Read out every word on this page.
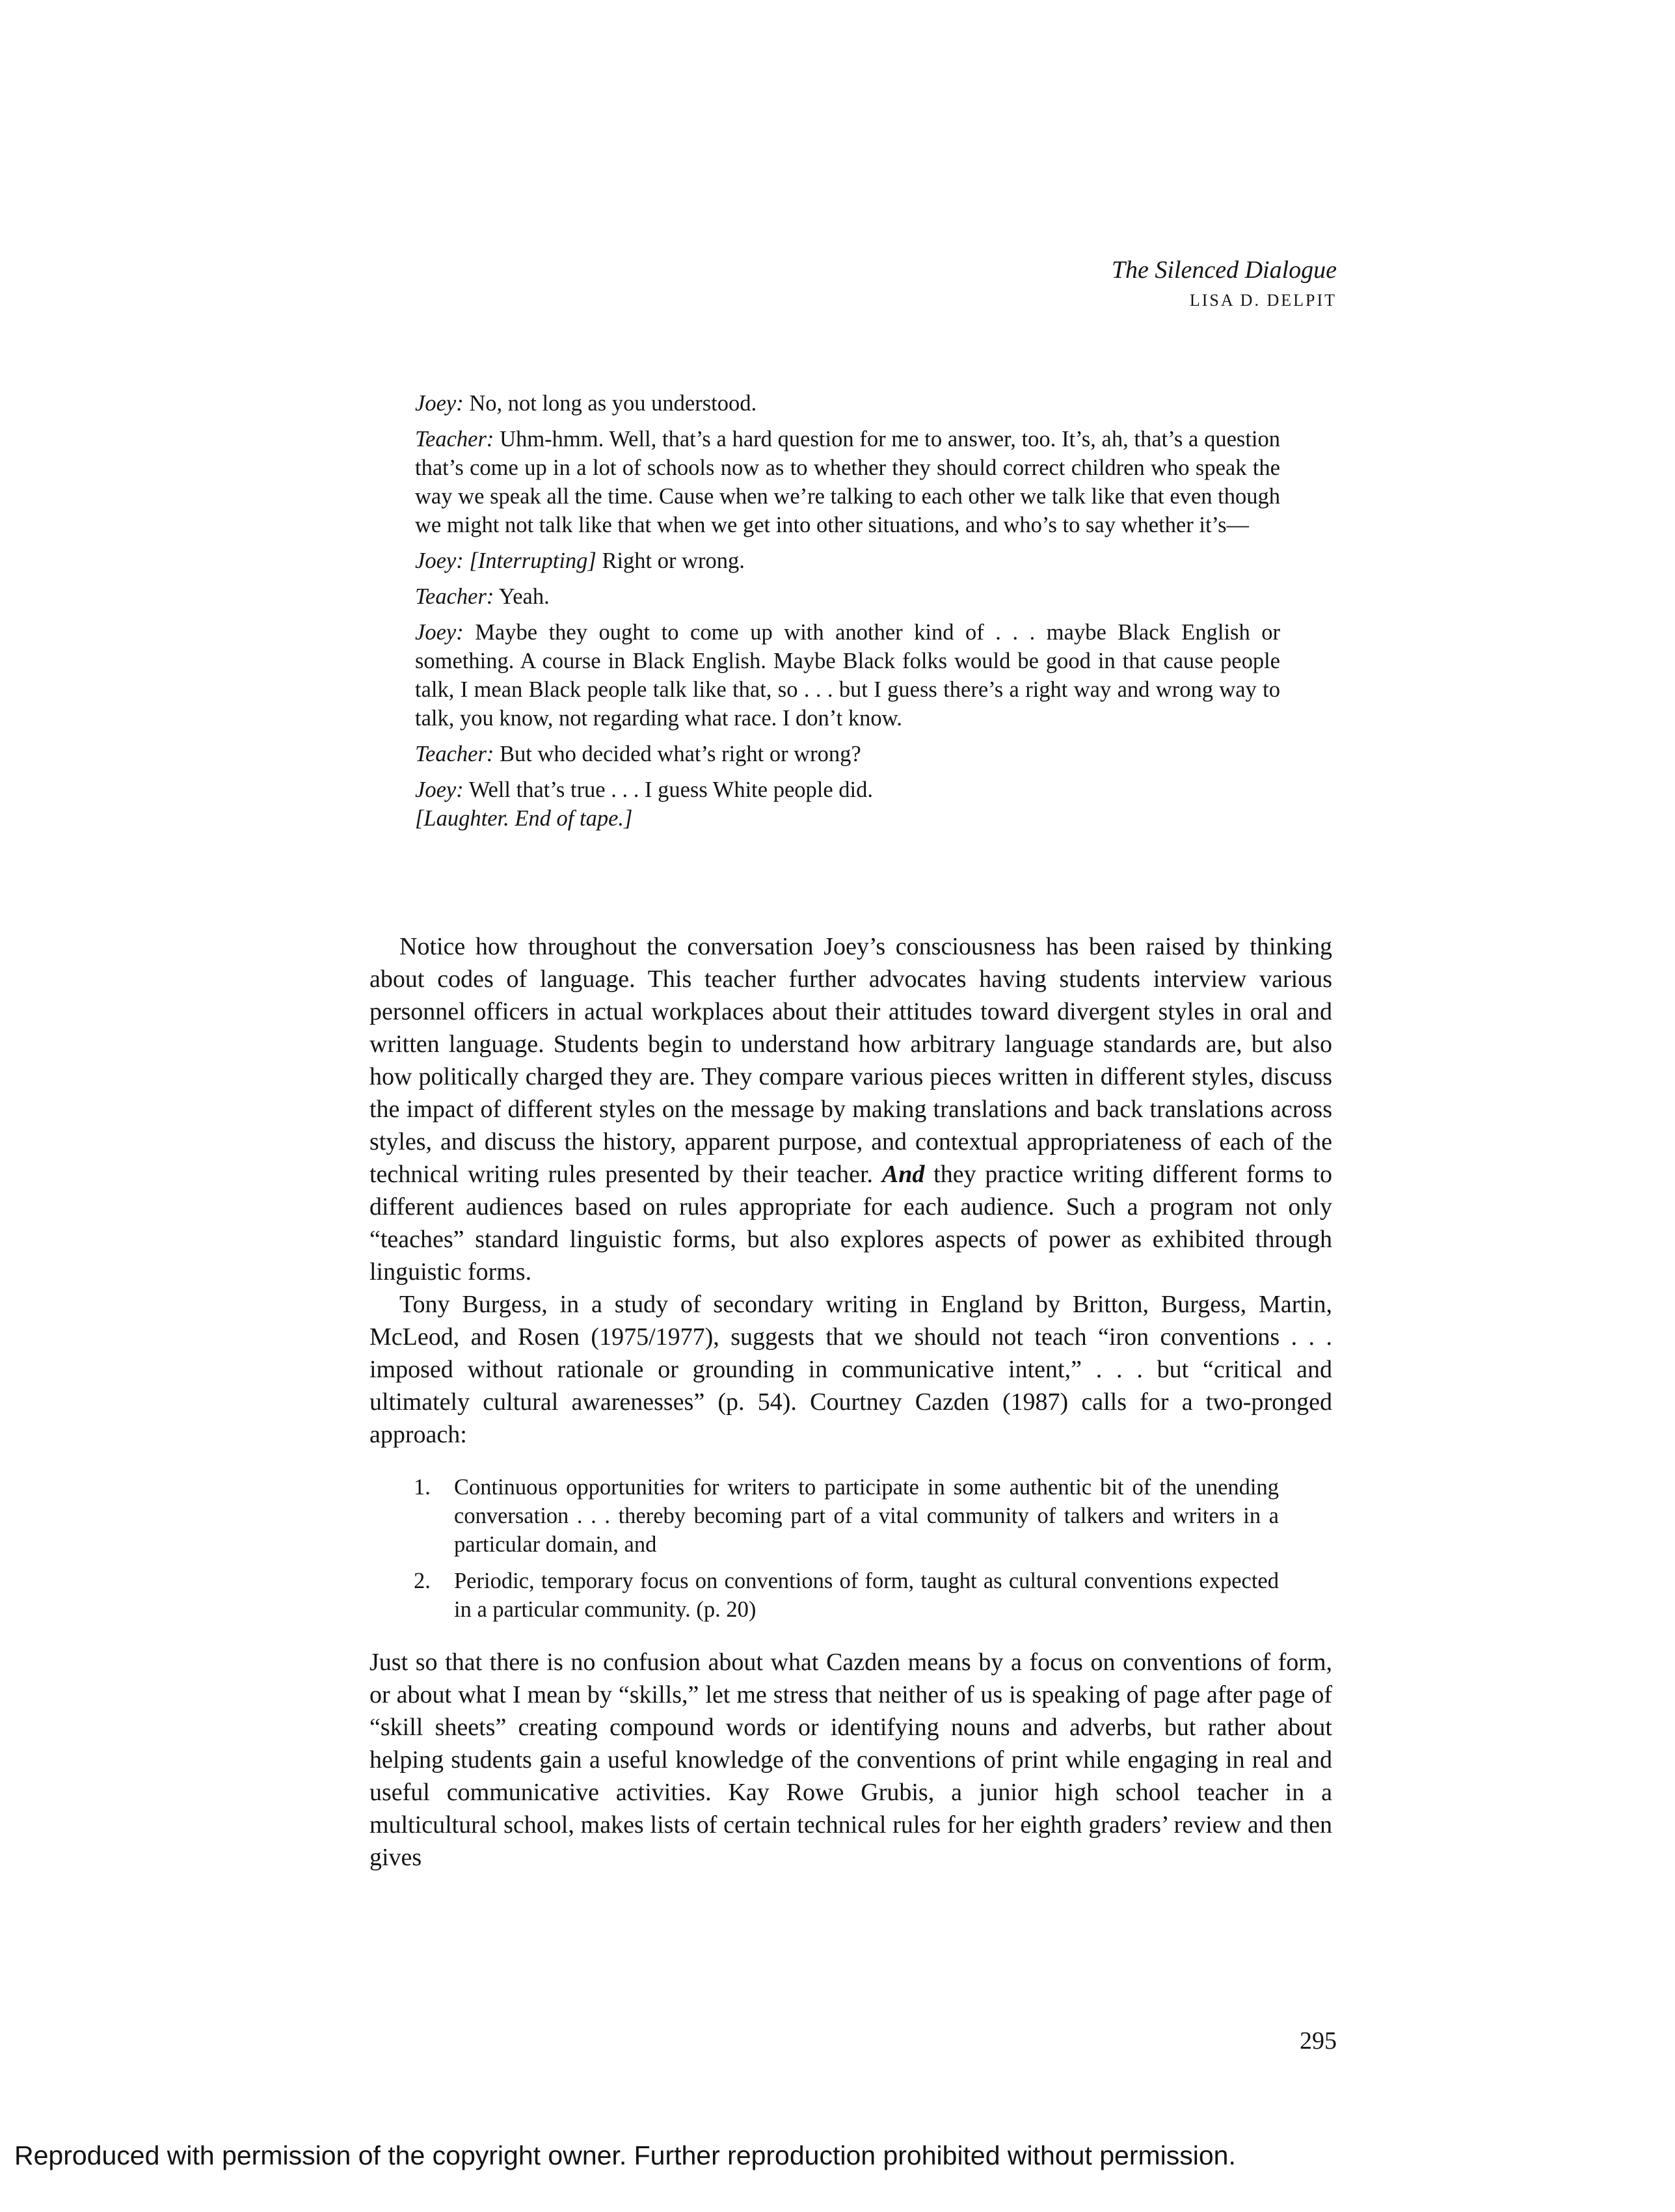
The Silenced Dialogue
LISA D. DELPIT
Joey: No, not long as you understood.
Teacher: Uhm-hmm. Well, that’s a hard question for me to answer, too. It’s, ah, that’s a question that’s come up in a lot of schools now as to whether they should correct children who speak the way we speak all the time. Cause when we’re talking to each other we talk like that even though we might not talk like that when we get into other situations, and who’s to say whether it’s—
Joey: [Interrupting] Right or wrong.
Teacher: Yeah.
Joey: Maybe they ought to come up with another kind of . . . maybe Black English or something. A course in Black English. Maybe Black folks would be good in that cause people talk, I mean Black people talk like that, so . . . but I guess there’s a right way and wrong way to talk, you know, not regarding what race. I don’t know.
Teacher: But who decided what’s right or wrong?
Joey: Well that’s true . . . I guess White people did.
[Laughter. End of tape.]

Notice how throughout the conversation Joey’s consciousness has been raised by thinking about codes of language. This teacher further advocates having students interview various personnel officers in actual workplaces about their attitudes toward divergent styles in oral and written language. Students begin to understand how arbitrary language standards are, but also how politically charged they are. They compare various pieces written in different styles, discuss the impact of different styles on the message by making translations and back translations across styles, and discuss the history, apparent purpose, and contextual appropriateness of each of the technical writing rules presented by their teacher. And they practice writing different forms to different audiences based on rules appropriate for each audience. Such a program not only “teaches” standard linguistic forms, but also explores aspects of power as exhibited through linguistic forms.

Tony Burgess, in a study of secondary writing in England by Britton, Burgess, Martin, McLeod, and Rosen (1975/1977), suggests that we should not teach “iron conventions . . . imposed without rationale or grounding in communicative intent,” . . . but “critical and ultimately cultural awarenesses” (p. 54). Courtney Cazden (1987) calls for a two-pronged approach:

1.	Continuous opportunities for writers to participate in some authentic bit of the unending conversation . . . thereby becoming part of a vital community of talkers and writers in a particular domain, and
2.	Periodic, temporary focus on conventions of form, taught as cultural conventions expected in a particular community. (p. 20)

Just so that there is no confusion about what Cazden means by a focus on conventions of form, or about what I mean by “skills,” let me stress that neither of us is speaking of page after page of “skill sheets” creating compound words or identifying nouns and adverbs, but rather about helping students gain a useful knowledge of the conventions of print while engaging in real and useful communicative activities. Kay Rowe Grubis, a junior high school teacher in a multicultural school, makes lists of certain technical rules for her eighth graders’ review and then gives

295
Reproduced with permission of the copyright owner. Further reproduction prohibited without permission.
